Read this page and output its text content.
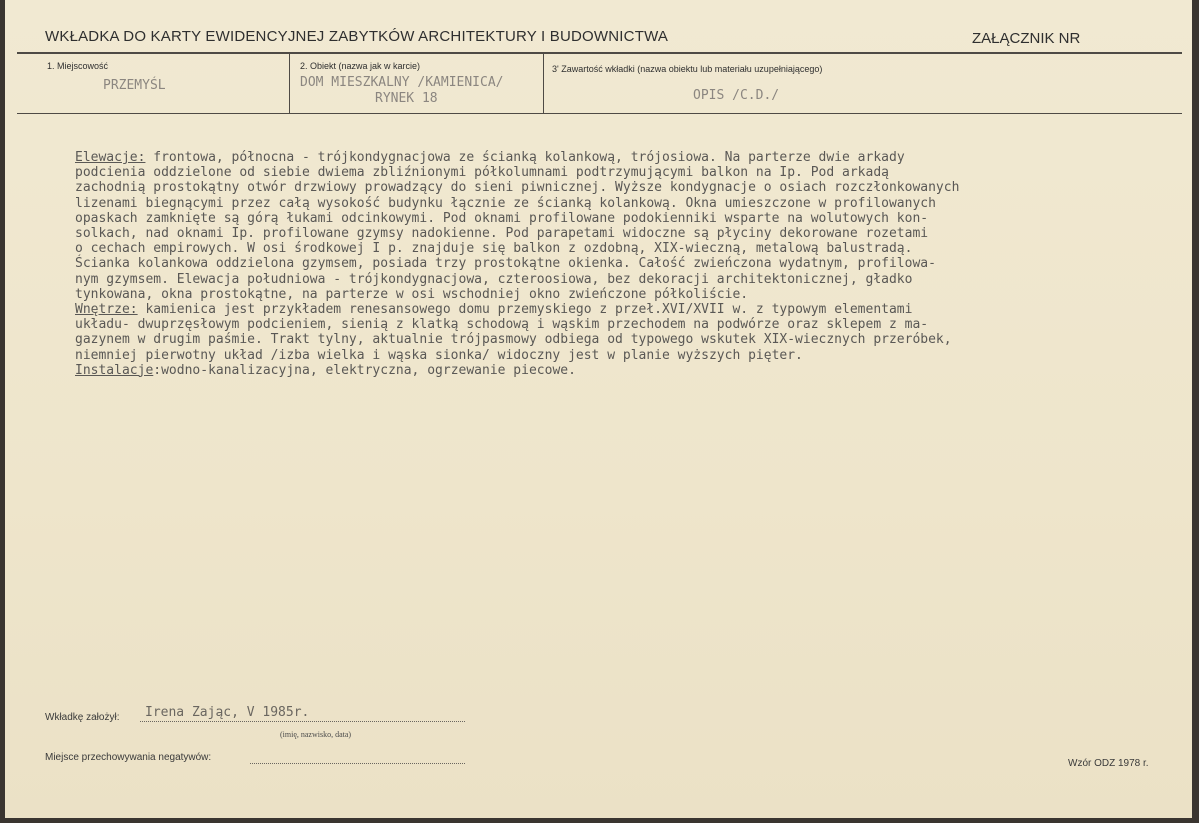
WKŁADKA DO KARTY EWIDENCYJNEJ ZABYTKÓW ARCHITEKTURY I BUDOWNICTWA	ZAŁĄCZNIK NR
1. Miejscowość
PRZEMYŚL
2. Obiekt (nazwa jak w karcie)
DOM MIESZKALNY /KAMIENICA/
RYNEK 18
3' Zawartość wkładki (nazwa obiektu lub materiału uzupełniającego)
OPIS /C.D./
Elewacje: frontowa, północna - trójkondygnacjowa ze ścianką kolankową, trójosiowa. Na parterze dwie arkady
podcienia oddzielone od siebie dwiema zbliźnionymi półkolumnami podtrzymującymi balkon na Ip. Pod arkadą
zachodnią prostokątny otwór drzwiowy prowadzący do sieni piwnicznej. Wyższe kondygnacje o osiach rozczłonkowanych
lizenami biegnącymi przez całą wysokość budynku łącznie ze ścianką kolankową. Okna umieszczone w profilowanych
opaskach zamknięte są górą łukami odcinkowymi. Pod oknami profilowane podokienniki wsparte na wolutowych kon-
solkach, nad oknami Ip. profilowane gzymsy nadokienne. Pod parapetami widoczne są płyciny dekorowane rozetami
o cechach empirowych. W osi środkowej I p. znajduje się balkon z ozdobną, XIX-wieczną, metalową balustradą.
Ścianka kolankowa oddzielona gzymsem, posiada trzy prostokątne okienka. Całość zwieńczona wydatnym, profilowa-
nym gzymsem. Elewacja południowa - trójkondygnacjowa, czteroosiowa, bez dekoracji architektonicznej, gładko
tynkowana, okna prostokątne, na parterze w osi wschodniej okno zwieńczone półkoliście.
Wnętrze: kamienica jest przykładem renesansowego domu przemyskiego z przeł.XVI/XVII w. z typowym elementami
układu- dwuprzęsłowym podcieniem, sienią z klatką schodową i wąskim przechodem na podwórze oraz sklepem z ma-
gazynem w drugim paśmie. Trakt tylny, aktualnie trójpasmowy odbiega od typowego wskutek XIX-wiecznych przeróbek,
niemniej pierwotny układ /izba wielka i wąska sionka/ widoczny jest w planie wyższych pięter.
Instalacje:wodno-kanalizacyjna, elektryczna, ogrzewanie piecowe.
Wkładkę założył: Irena Zając, V 1985r.
(imię, nazwisko, data)
Miejsce przechowywania negatywów:
Wzór ODZ 1978 r.
